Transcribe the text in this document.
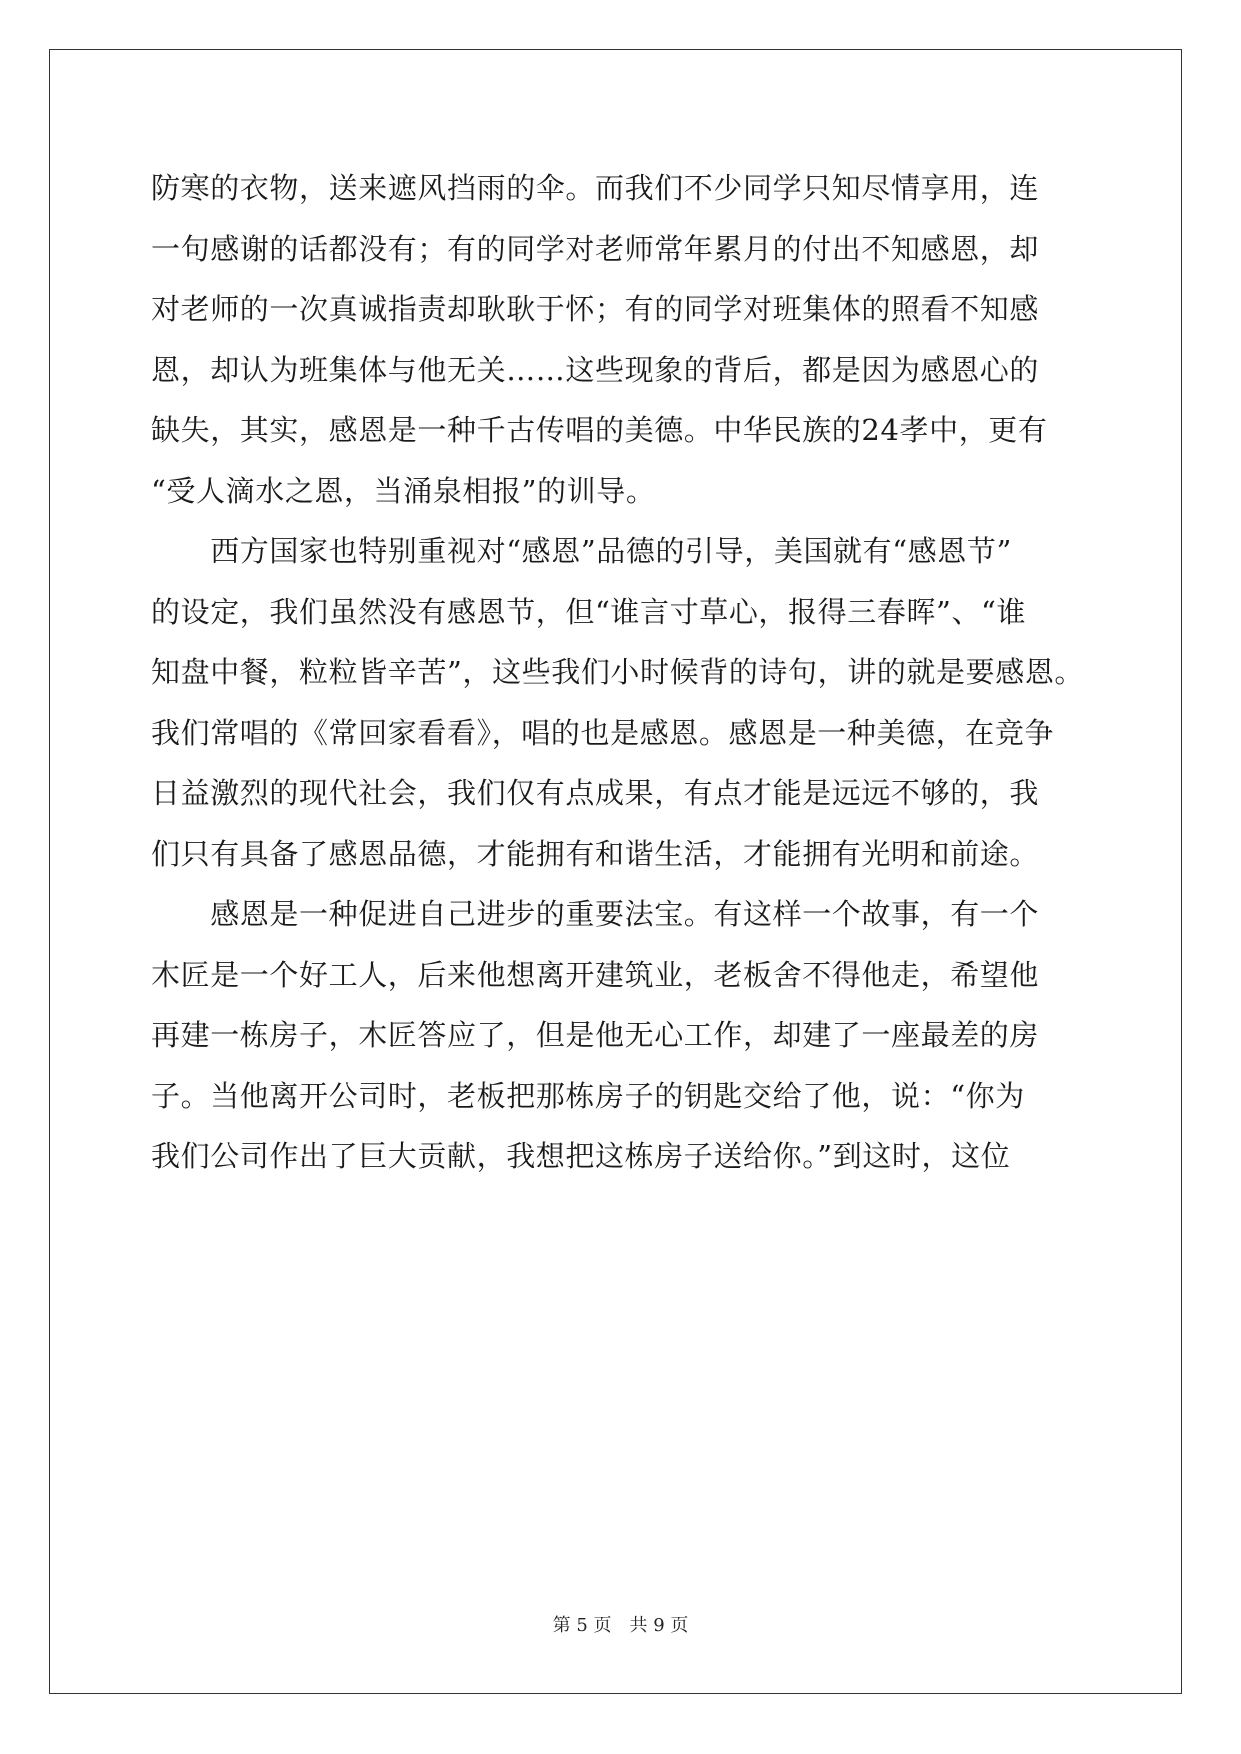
防寒的衣物，送来遮风挡雨的伞。而我们不少同学只知尽情享用，连

一句感谢的话都没有；有的同学对老师常年累月的付出不知感恩，却

对老师的一次真诚指责却耿耿于怀；有的同学对班集体的照看不知感

恩，却认为班集体与他无关……这些现象的背后，都是因为感恩心的

缺失，其实，感恩是一种千古传唱的美德。中华民族的24孝中，更有

“受人滴水之恩，当涌泉相报”的训导。

　　西方国家也特别重视对“感恩”品德的引导，美国就有“感恩节”

的设定，我们虽然没有感恩节，但“谁言寸草心，报得三春晖”、“谁

知盘中餐，粒粒皆辛苦”，这些我们小时候背的诗句，讲的就是要感恩。

我们常唱的《常回家看看》，唱的也是感恩。感恩是一种美德，在竞争

日益激烈的现代社会，我们仅有点成果，有点才能是远远不够的，我

们只有具备了感恩品德，才能拥有和谐生活，才能拥有光明和前途。

　　感恩是一种促进自己进步的重要法宝。有这样一个故事，有一个

木匠是一个好工人，后来他想离开建筑业，老板舍不得他走，希望他

再建一栋房子，木匠答应了，但是他无心工作，却建了一座最差的房

子。当他离开公司时，老板把那栋房子的钥匙交给了他，说：“你为

我们公司作出了巨大贡献，我想把这栋房子送给你。”到这时，这位

第 5 页　共 9 页
